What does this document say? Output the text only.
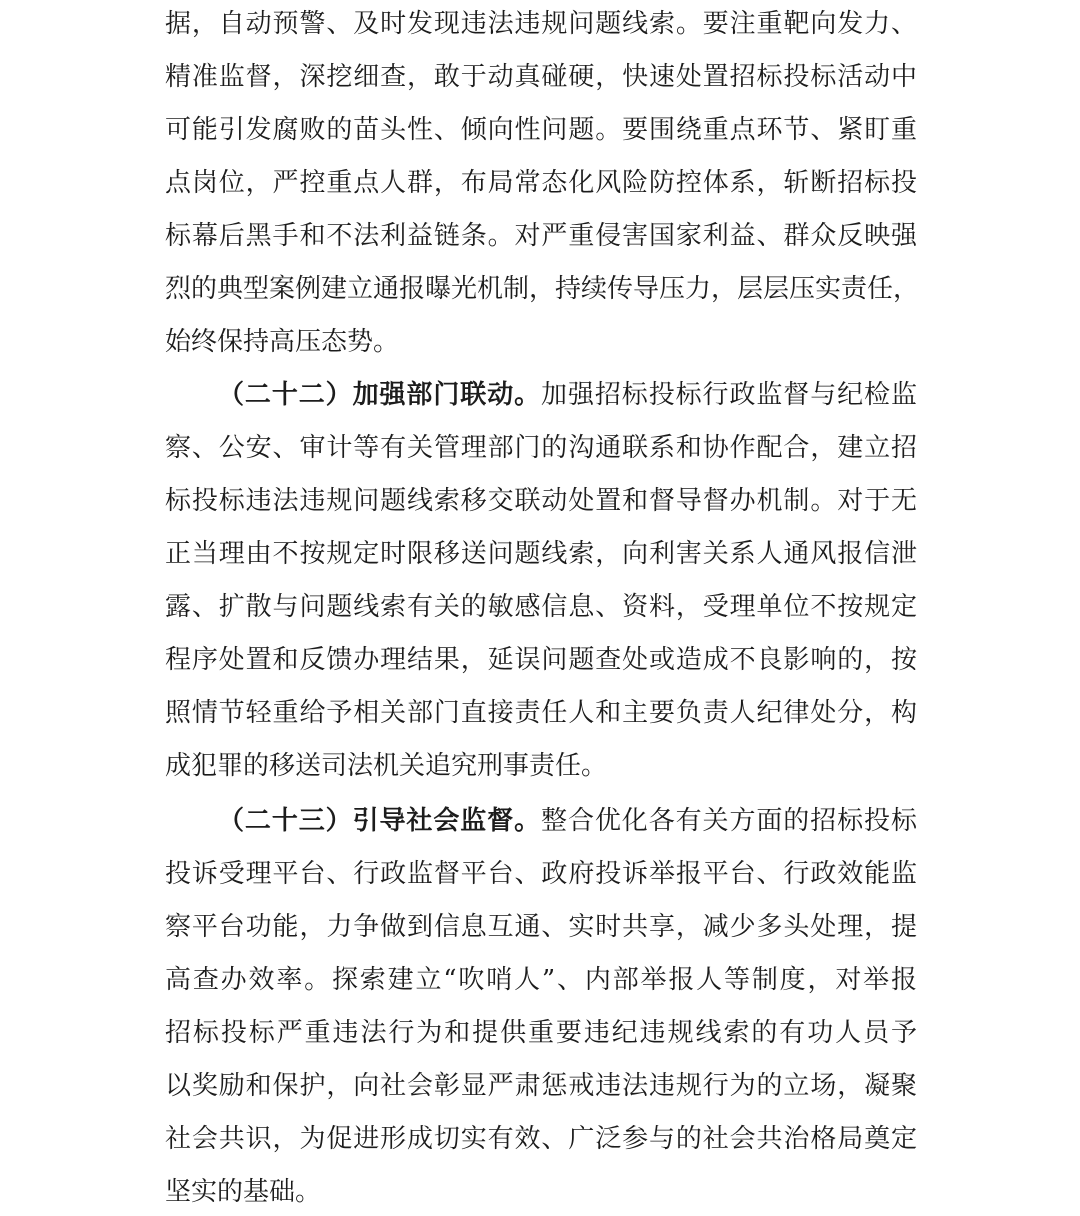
据，自动预警、及时发现违法违规问题线索。要注重靶向发力、
精准监督，深挖细查，敢于动真碰硬，快速处置招标投标活动中
可能引发腐败的苗头性、倾向性问题。要围绕重点环节、紧盯重
点岗位，严控重点人群，布局常态化风险防控体系，斩断招标投
标幕后黑手和不法利益链条。对严重侵害国家利益、群众反映强
烈的典型案例建立通报曝光机制，持续传导压力，层层压实责任，
始终保持高压态势。
（二十二）加强部门联动。加强招标投标行政监督与纪检监
察、公安、审计等有关管理部门的沟通联系和协作配合，建立招
标投标违法违规问题线索移交联动处置和督导督办机制。对于无
正当理由不按规定时限移送问题线索，向利害关系人通风报信泄
露、扩散与问题线索有关的敏感信息、资料，受理单位不按规定
程序处置和反馈办理结果，延误问题查处或造成不良影响的，按
照情节轻重给予相关部门直接责任人和主要负责人纪律处分，构
成犯罪的移送司法机关追究刑事责任。
（二十三）引导社会监督。整合优化各有关方面的招标投标
投诉受理平台、行政监督平台、政府投诉举报平台、行政效能监
察平台功能，力争做到信息互通、实时共享，减少多头处理，提
高查办效率。探索建立“吹哨人”、内部举报人等制度，对举报
招标投标严重违法行为和提供重要违纪违规线索的有功人员予
以奖励和保护，向社会彰显严肃惩戒违法违规行为的立场，凝聚
社会共识，为促进形成切实有效、广泛参与的社会共治格局奠定
坚实的基础。
